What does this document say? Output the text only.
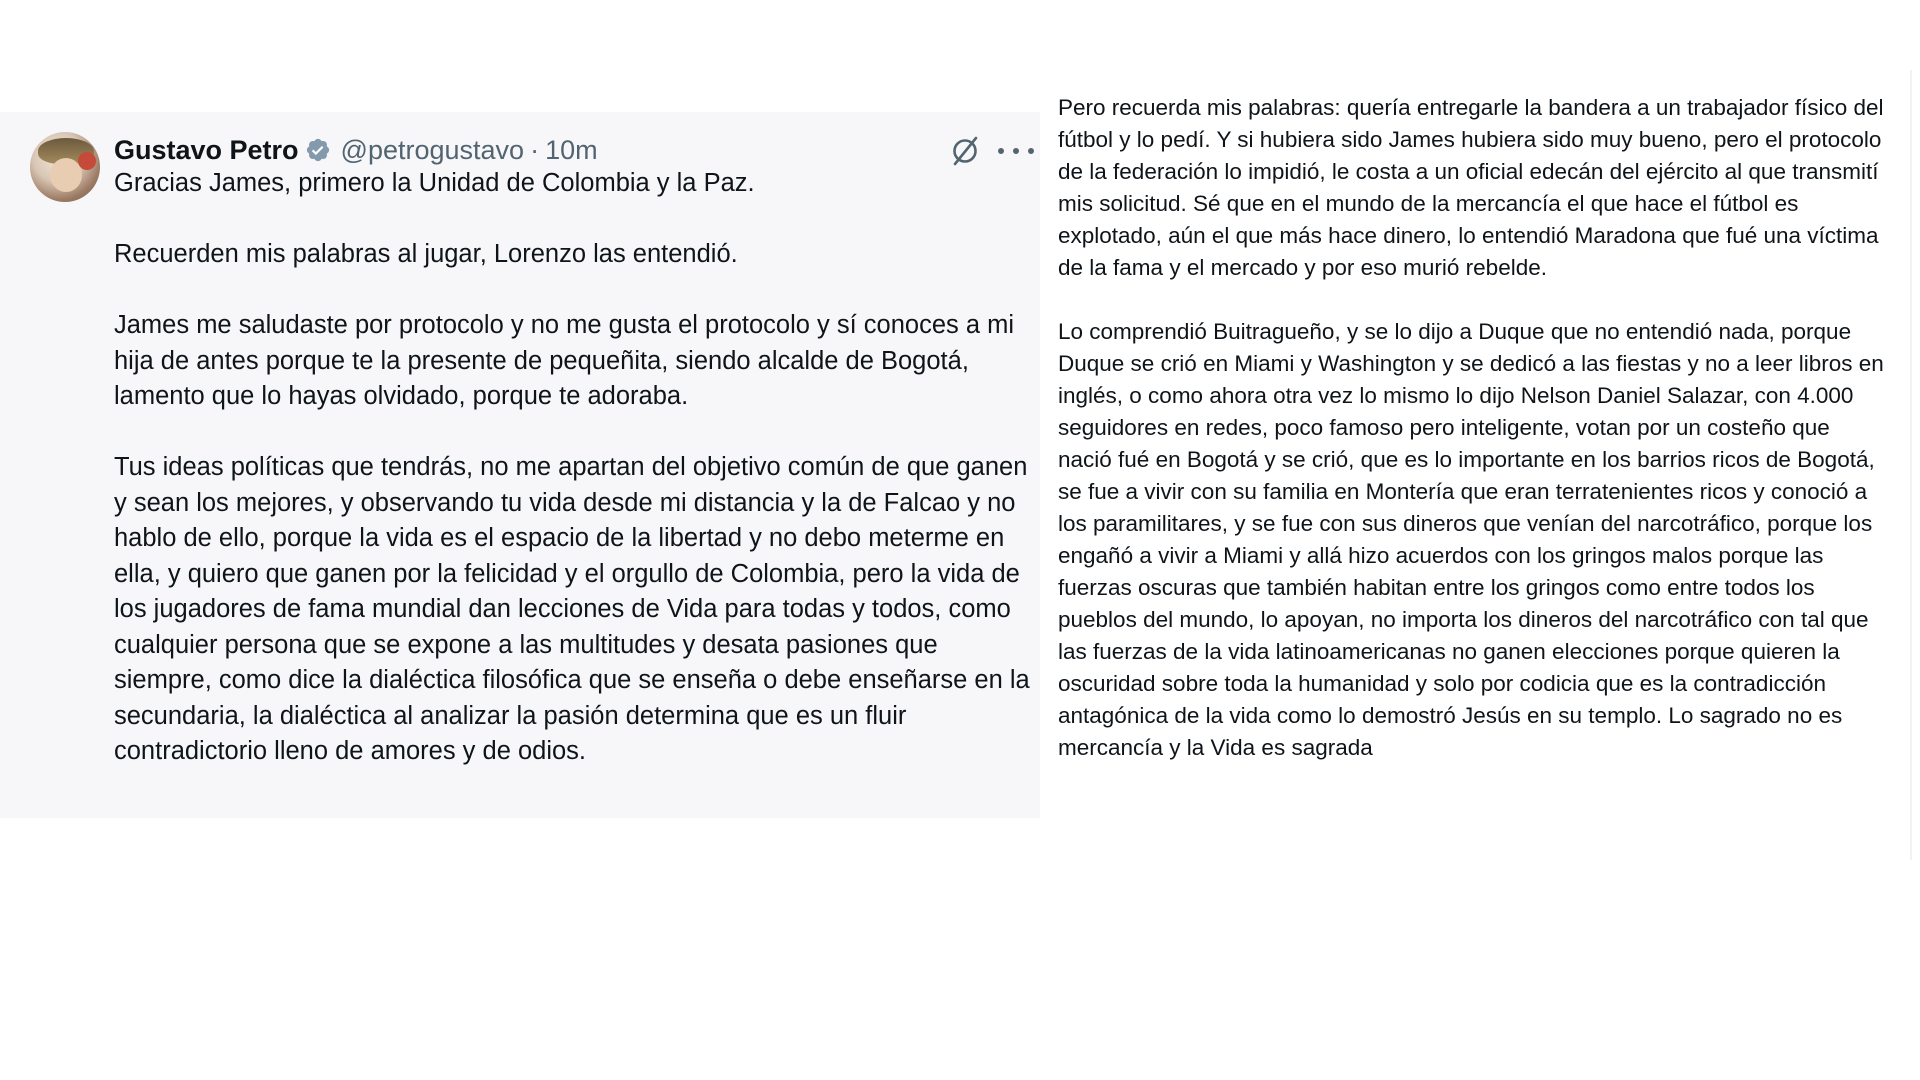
Gustavo Petro @petrogustavo · 10m

Gracias James, primero la Unidad de Colombia y la Paz.

Recuerden mis palabras al jugar, Lorenzo las entendió.

James me saludaste por protocolo y no me gusta el protocolo y sí conoces a mi hija de antes porque te la presente de pequeñita, siendo alcalde de Bogotá, lamento que lo hayas olvidado, porque te adoraba.

Tus ideas políticas que tendrás, no me apartan del objetivo común de que ganen y sean los mejores, y observando tu vida desde mi distancia y la de Falcao y no hablo de ello, porque la vida es el espacio de la libertad y no debo meterme en ella, y quiero que ganen por la felicidad y el orgullo de Colombia, pero la vida de los jugadores de fama mundial dan lecciones de Vida para todas y todos, como cualquier persona que se expone a las multitudes y desata pasiones que siempre, como dice la dialéctica filosófica que se enseña o debe enseñarse en la secundaria, la dialéctica al analizar la pasión determina que es un fluir contradictorio lleno de amores y de odios.

Pero recuerda mis palabras: quería entregarle la bandera a un trabajador físico del fútbol y lo pedí. Y si hubiera sido James hubiera sido muy bueno, pero el protocolo de la federación lo impidió, le costa a un oficial edecán del ejército al que transmití mis solicitud. Sé que en el mundo de la mercancía el que hace el fútbol es explotado, aún el que más hace dinero, lo entendió Maradona que fué una víctima de la fama y el mercado y por eso murió rebelde.

Lo comprendió Buitragueño, y se lo dijo a Duque que no entendió nada, porque Duque se crió en Miami y Washington y se dedicó a las fiestas y no a leer libros en inglés, o como ahora otra vez lo mismo lo dijo Nelson Daniel Salazar, con 4.000 seguidores en redes, poco famoso pero inteligente, votan por un costeño que nació fué en Bogotá y se crió, que es lo importante en los barrios ricos de Bogotá, se fue a vivir con su familia en Montería que eran terratenientes ricos y conoció a los paramilitares, y se fue con sus dineros que venían del narcotráfico, porque los engañó a vivir a Miami y allá hizo acuerdos con los gringos malos porque las fuerzas oscuras que también habitan entre los gringos como entre todos los pueblos del mundo, lo apoyan, no importa los dineros del narcotráfico con tal que las fuerzas de la vida latinoamericanas no ganen elecciones porque quieren la oscuridad sobre toda la humanidad y solo por codicia que es la contradicción antagónica de la vida como lo demostró Jesús en su templo. Lo sagrado no es mercancía y la Vida es sagrada
